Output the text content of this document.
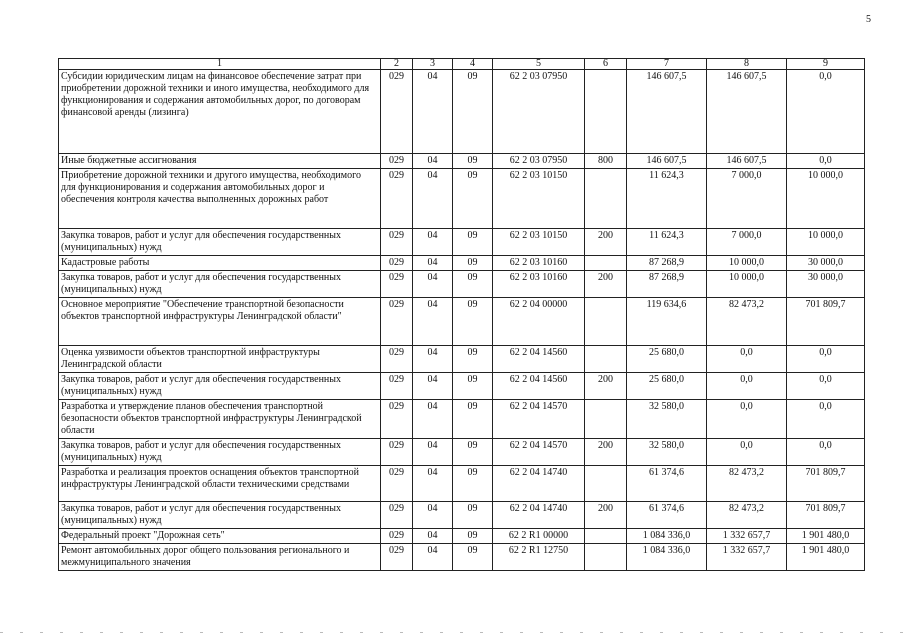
5
1	2	3	4	5	6	7	8	9
Субсидии юридическим лицам на финансовое обеспечение затрат при приобретении дорожной техники и иного имущества, необходимого для функционирования и содержания автомобильных дорог, по договорам финансовой аренды (лизинга)	029	04	09	62 2 03 07950		146 607,5	146 607,5	0,0
Иные бюджетные ассигнования	029	04	09	62 2 03 07950	800	146 607,5	146 607,5	0,0
Приобретение дорожной техники и другого имущества, необходимого для функционирования и содержания автомобильных дорог и обеспечения контроля качества выполненных дорожных работ	029	04	09	62 2 03 10150		11 624,3	7 000,0	10 000,0
Закупка товаров, работ и услуг для обеспечения государственных (муниципальных) нужд	029	04	09	62 2 03 10150	200	11 624,3	7 000,0	10 000,0
Кадастровые работы	029	04	09	62 2 03 10160		87 268,9	10 000,0	30 000,0
Закупка товаров, работ и услуг для обеспечения государственных (муниципальных) нужд	029	04	09	62 2 03 10160	200	87 268,9	10 000,0	30 000,0
Основное мероприятие "Обеспечение транспортной безопасности объектов транспортной инфраструктуры Ленинградской области"	029	04	09	62 2 04 00000		119 634,6	82 473,2	701 809,7
Оценка уязвимости объектов транспортной инфраструктуры Ленинградской области	029	04	09	62 2 04 14560		25 680,0	0,0	0,0
Закупка товаров, работ и услуг для обеспечения государственных (муниципальных) нужд	029	04	09	62 2 04 14560	200	25 680,0	0,0	0,0
Разработка и утверждение планов обеспечения транспортной безопасности объектов транспортной инфраструктуры Ленинградской области	029	04	09	62 2 04 14570		32 580,0	0,0	0,0
Закупка товаров, работ и услуг для обеспечения государственных (муниципальных) нужд	029	04	09	62 2 04 14570	200	32 580,0	0,0	0,0
Разработка и реализация проектов оснащения объектов транспортной инфраструктуры Ленинградской области техническими средствами	029	04	09	62 2 04 14740		61 374,6	82 473,2	701 809,7
Закупка товаров, работ и услуг для обеспечения государственных (муниципальных) нужд	029	04	09	62 2 04 14740	200	61 374,6	82 473,2	701 809,7
Федеральный проект "Дорожная сеть"	029	04	09	62 2 R1 00000		1 084 336,0	1 332 657,7	1 901 480,0
Ремонт автомобильных дорог общего пользования регионального и межмуниципального значения	029	04	09	62 2 R1 12750		1 084 336,0	1 332 657,7	1 901 480,0
